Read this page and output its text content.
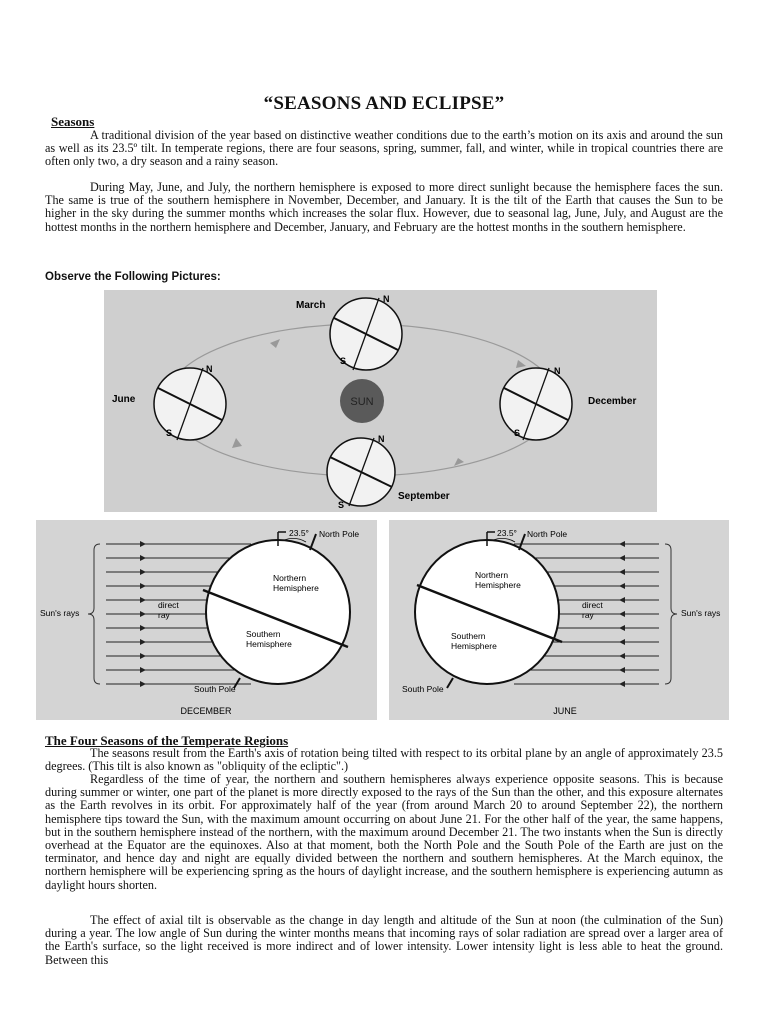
“SEASONS AND ECLIPSE”
Seasons

A traditional division of the year based on distinctive weather conditions due to the earth’s motion on its axis and around the sun as well as its 23.5º tilt. In temperate regions, there are four seasons, spring, summer, fall, and winter, while in tropical countries there are often only two, a dry season and a rainy season.

During May, June, and July, the northern hemisphere is exposed to more direct sunlight because the hemisphere faces the sun. The same is true of the southern hemisphere in November, December, and January. It is the tilt of the Earth that causes the Sun to be higher in the sky during the summer months which increases the solar flux. However, due to seasonal lag, June, July, and August are the hottest months in the northern hemisphere and December, January, and February are the hottest months in the southern hemisphere.

Observe the Following Pictures:
SUN
N
S
March
N
S
June
N
S
December
N
S
September
Sun's rays
direct
ray
23.5° North Pole
South Pole
Northern
Hemisphere
Southern
Hemisphere
DECEMBER
Sun's rays
direct
ray
23.5° North Pole
South Pole
Northern
Hemisphere
Southern
Hemisphere
JUNE
The Four Seasons of the Temperate Regions

The seasons result from the Earth's axis of rotation being tilted with respect to its orbital plane by an angle of approximately 23.5 degrees. (This tilt is also known as "obliquity of the ecliptic".)

Regardless of the time of year, the northern and southern hemispheres always experience opposite seasons. This is because during summer or winter, one part of the planet is more directly exposed to the rays of the Sun than the other, and this exposure alternates as the Earth revolves in its orbit. For approximately half of the year (from around March 20 to around September 22), the northern hemisphere tips toward the Sun, with the maximum amount occurring on about June 21. For the other half of the year, the same happens, but in the southern hemisphere instead of the northern, with the maximum around December 21. The two instants when the Sun is directly overhead at the Equator are the equinoxes. Also at that moment, both the North Pole and the South Pole of the Earth are just on the terminator, and hence day and night are equally divided between the northern and southern hemispheres. At the March equinox, the northern hemisphere will be experiencing spring as the hours of daylight increase, and the southern hemisphere is experiencing autumn as daylight hours shorten.

The effect of axial tilt is observable as the change in day length and altitude of the Sun at noon (the culmination of the Sun) during a year. The low angle of Sun during the winter months means that incoming rays of solar radiation are spread over a larger area of the Earth's surface, so the light received is more indirect and of lower intensity. Lower intensity light is less able to heat the ground. Between this
